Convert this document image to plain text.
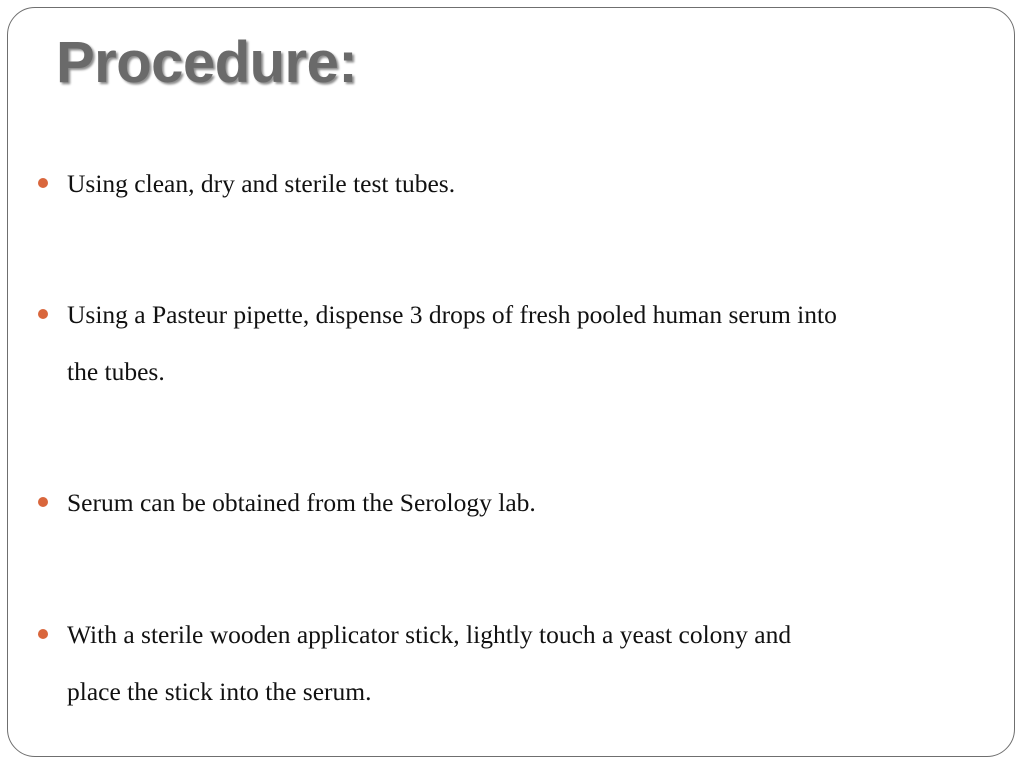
Procedure:
Using clean, dry and sterile test tubes.
Using a Pasteur pipette, dispense 3 drops of fresh pooled human serum into
the tubes.
Serum can be obtained from the Serology lab.
With a sterile wooden applicator stick, lightly touch a yeast colony and
place the stick into the serum.
